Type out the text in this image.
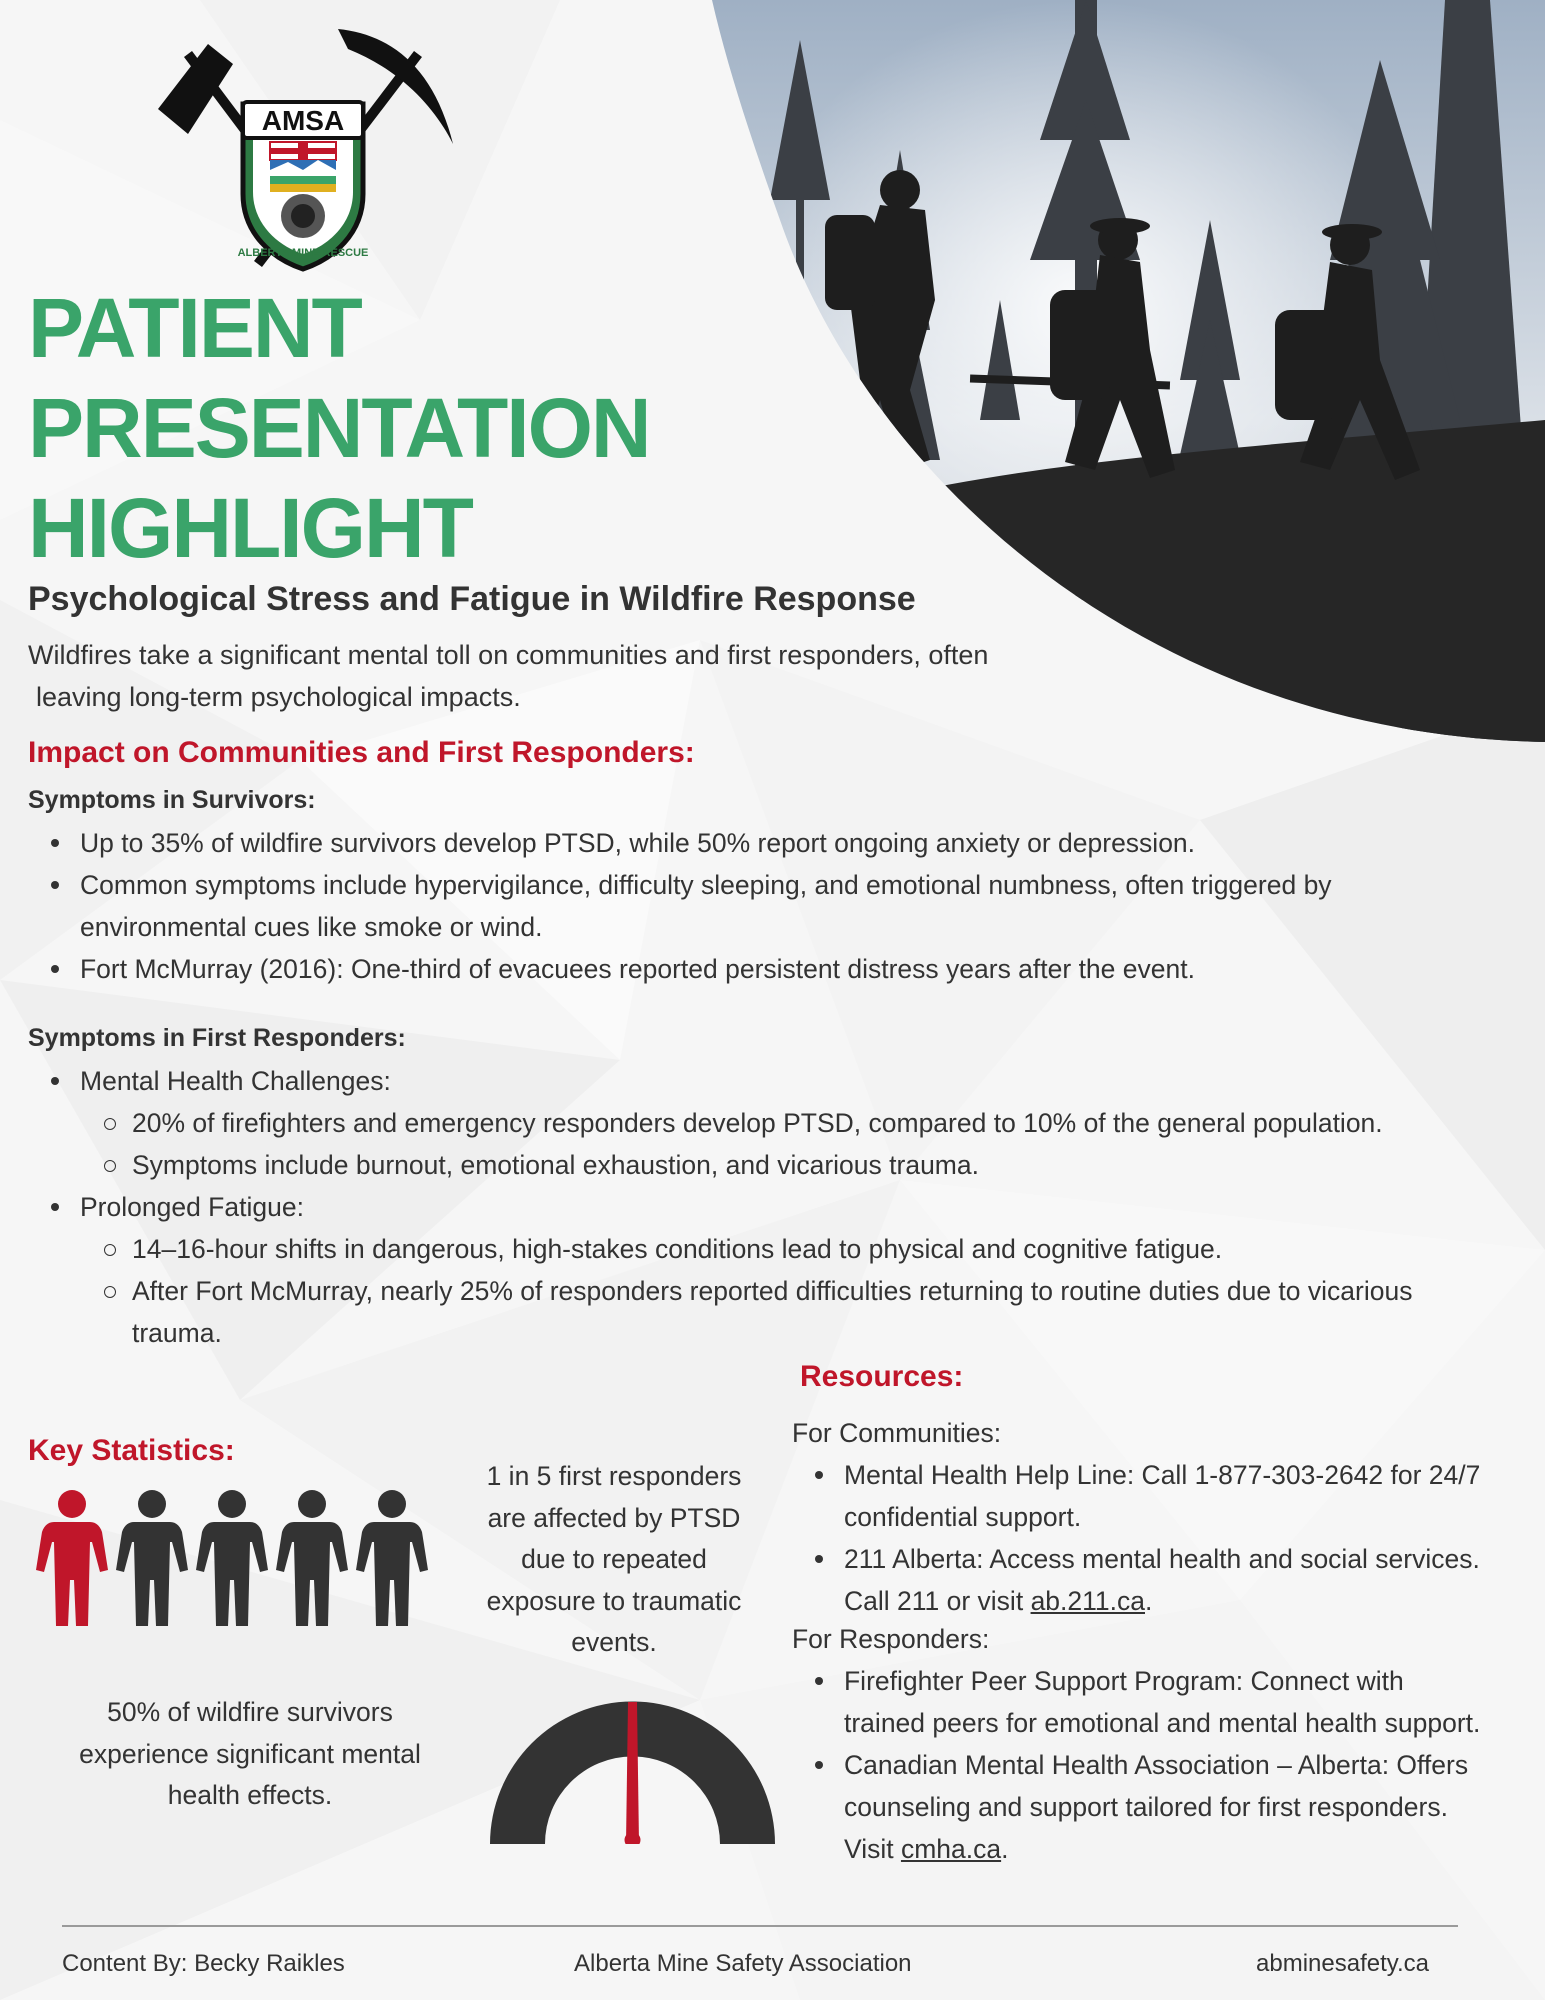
AMSA
ALBERTA MINE RESCUE
PATIENT
PRESENTATION
HIGHLIGHT
Psychological Stress and Fatigue in Wildfire Response
Wildfires take a significant mental toll on communities and first responders, often
leaving long-term psychological impacts.
Impact on Communities and First Responders:
Symptoms in Survivors:
Up to 35% of wildfire survivors develop PTSD, while 50% report ongoing anxiety or depression.
Common symptoms include hypervigilance, difficulty sleeping, and emotional numbness, often triggered by environmental cues like smoke or wind.
Fort McMurray (2016): One-third of evacuees reported persistent distress years after the event.
Symptoms in First Responders:
Mental Health Challenges:
20% of firefighters and emergency responders develop PTSD, compared to 10% of the general population.
Symptoms include burnout, emotional exhaustion, and vicarious trauma.
Prolonged Fatigue:
14–16-hour shifts in dangerous, high-stakes conditions lead to physical and cognitive fatigue.
After Fort McMurray, nearly 25% of responders reported difficulties returning to routine duties due to vicarious trauma.
Key Statistics:
50% of wildfire survivors experience significant mental health effects.
1 in 5 first responders are affected by PTSD due to repeated exposure to traumatic events.
Resources:
For Communities:
Mental Health Help Line: Call 1-877-303-2642 for 24/7 confidential support.
211 Alberta: Access mental health and social services. Call 211 or visit ab.211.ca.
For Responders:
Firefighter Peer Support Program: Connect with trained peers for emotional and mental health support.
Canadian Mental Health Association – Alberta: Offers counseling and support tailored for first responders. Visit cmha.ca.
Content By: Becky Raikles	Alberta Mine Safety Association	abminesafety.ca
